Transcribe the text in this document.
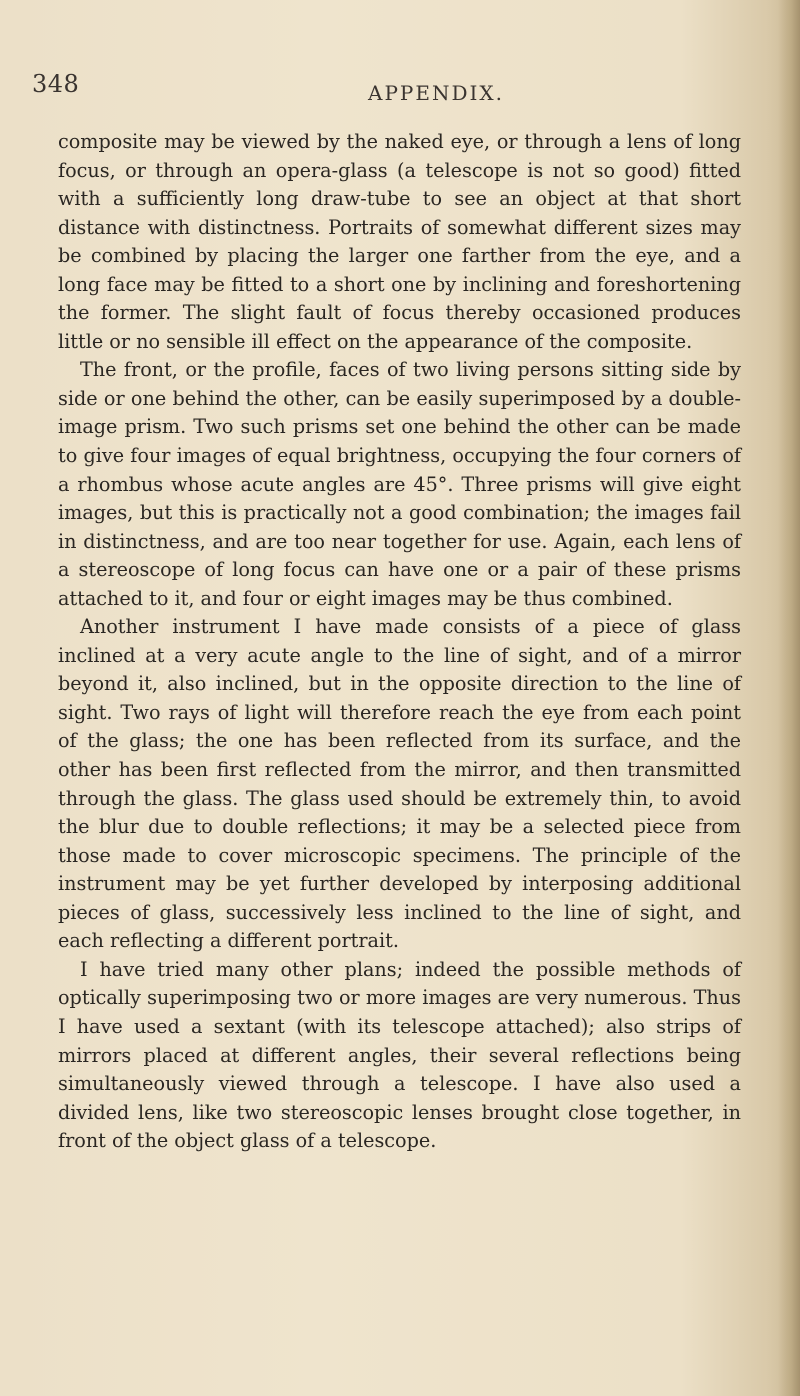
348	APPENDIX.

composite may be viewed by the naked eye, or through a lens of long focus, or through an opera-glass (a telescope is not so good) fitted with a sufficiently long draw-tube to see an object at that short distance with distinctness. Portraits of somewhat different sizes may be combined by placing the larger one farther from the eye, and a long face may be fitted to a short one by inclining and foreshortening the former. The slight fault of focus thereby occasioned produces little or no sensible ill effect on the appearance of the composite.

The front, or the profile, faces of two living persons sitting side by side or one behind the other, can be easily superimposed by a double-image prism. Two such prisms set one behind the other can be made to give four images of equal brightness, occupying the four corners of a rhombus whose acute angles are 45°. Three prisms will give eight images, but this is practically not a good combination; the images fail in distinctness, and are too near together for use. Again, each lens of a stereoscope of long focus can have one or a pair of these prisms attached to it, and four or eight images may be thus combined.

Another instrument I have made consists of a piece of glass inclined at a very acute angle to the line of sight, and of a mirror beyond it, also inclined, but in the opposite direction to the line of sight. Two rays of light will therefore reach the eye from each point of the glass; the one has been reflected from its surface, and the other has been first reflected from the mirror, and then transmitted through the glass. The glass used should be extremely thin, to avoid the blur due to double reflections; it may be a selected piece from those made to cover microscopic specimens. The principle of the instrument may be yet further developed by interposing additional pieces of glass, successively less inclined to the line of sight, and each reflecting a different portrait.

I have tried many other plans; indeed the possible methods of optically superimposing two or more images are very numerous. Thus I have used a sextant (with its telescope attached); also strips of mirrors placed at different angles, their several reflections being simultaneously viewed through a telescope. I have also used a divided lens, like two stereoscopic lenses brought close together, in front of the object glass of a telescope.
